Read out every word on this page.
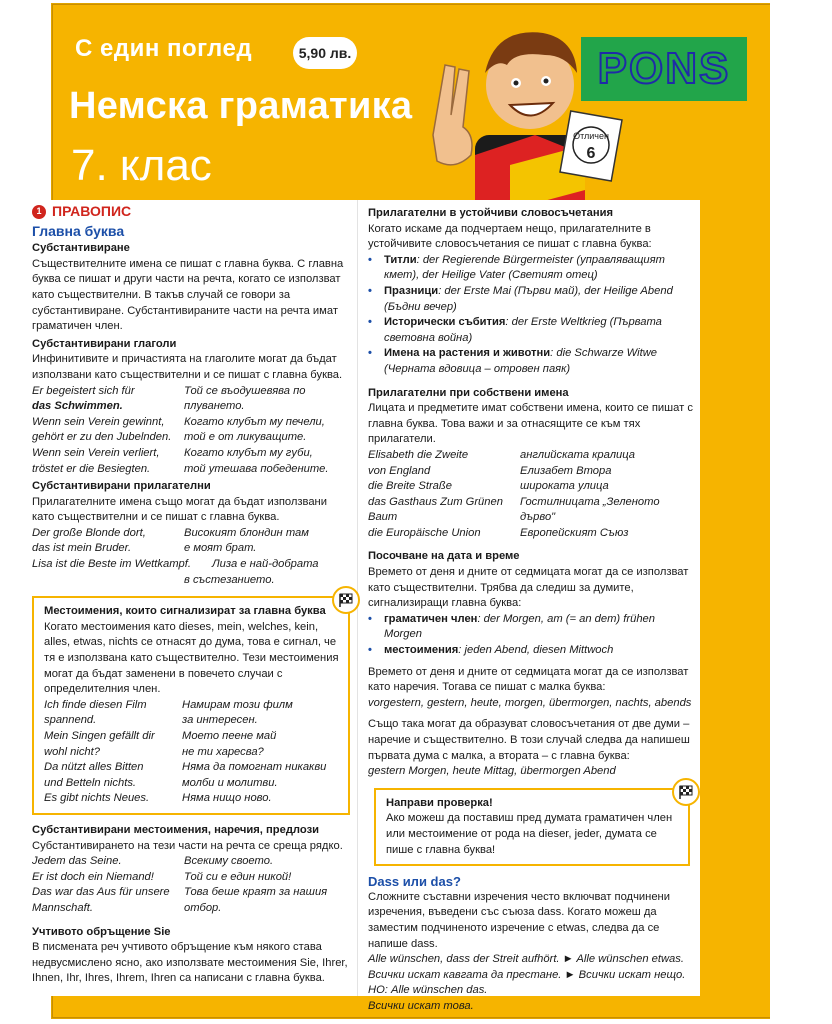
С един поглед	5,90 лв.
Немска граматика
7. клас
PONS
Отличен
6
1 ПРАВОПИС
Главна буква
Субстантивиране
Съществителните имена се пишат с главна буква. С главна буква се пишат и други части на речта, когато се използват като съществителни. В такъв случай се говори за субстантивиране. Субстантивираните части на речта имат граматичен член.
Субстантивирани глаголи
Инфинитивите и причастията на глаголите могат да бъдат използвани като съществителни и се пишат с главна буква.
Er begeistert sich für	Той се въодушевява по
das Schwimmen.	плуването.
Wenn sein Verein gewinnt,	Когато клубът му печели,
gehört er zu den Jubelnden.	той е от ликуващите.
Wenn sein Verein verliert,	Когато клубът му губи,
tröstet er die Besiegten.	той утешава победените.
Субстантивирани прилагателни
Прилагателните имена също могат да бъдат използвани като съществителни и се пишат с главна буква.
Der große Blonde dort,	Високият блондин там
das ist mein Bruder.	е моят брат.
Lisa ist die Beste im Wettkampf.	Лиза е най-добрата
в състезанието.
Местоимения, които сигнализират за главна буква
Когато местоимения като dieses, mein, welches, kein, alles, etwas, nichts се отнасят до дума, това е сигнал, че тя е използвана като съществително. Тези местоимения могат да бъдат заменени в повечето случаи с определителния член.
Ich finde diesen Film	Намирам този филм
spannend.	за интересен.
Mein Singen gefällt dir	Моето пеене май
wohl nicht?	не ти харесва?
Da nützt alles Bitten	Няма да помогнат никакви
und Betteln nichts.	молби и молитви.
Es gibt nichts Neues.	Няма нищо ново.
Субстантивирани местоимения, наречия, предлози
Субстантивирането на тези части на речта се среща рядко.
Jedem das Seine.	Всекиму своето.
Er ist doch ein Niemand!	Той си е един никой!
Das war das Aus für unsere	Това беше краят за нашия
Mannschaft.	отбор.
Учтивото обръщение Sie
В писмената реч учтивото обръщение към някого става недвусмислено ясно, ако използвате местоимения Sie, Ihrer, Ihnen, Ihr, Ihres, Ihrem, Ihren са написани с главна буква.
Прилагателни в устойчиви словосъчетания
Когато искаме да подчертаем нещо, прилагателните в устойчивите словосъчетания се пишат с главна буква:
•	Титли: der Regierende Bürgermeister (управляващият кмет), der Heilige Vater (Светият отец)
•	Празници: der Erste Mai (Първи май), der Heilige Abend (Бъдни вечер)
•	Исторически събития: der Erste Weltkrieg (Първата световна война)
•	Имена на растения и животни: die Schwarze Witwe (Черната вдовица – отровен паяк)
Прилагателни при собствени имена
Лицата и предметите имат собствени имена, които се пишат с главна буква. Това важи и за отнасящите се към тях прилагатели.
Elisabeth die Zweite	английската кралица
von England	Елизабет Втора
die Breite Straße	широката улица
das Gasthaus Zum Grünen	Гостилницата „Зеленото
Baum	дърво"
die Europäische Union	Европейският Съюз
Посочване на дата и време
Времето от деня и дните от седмицата могат да се използват като съществителни. Трябва да следиш за думите, сигнализиращи главна буква:
•	граматичен член: der Morgen, am (= an dem) frühen Morgen
•	местоимения: jeden Abend, diesen Mittwoch
Времето от деня и дните от седмицата могат да се използват като наречия. Тогава се пишат с малка буква:
vorgestern, gestern, heute, morgen, übermorgen, nachts, abends
Също така могат да образуват словосъчетания от две думи – наречие и съществително. В този случай следва да напишеш първата дума с малка, а втората – с главна буква:
gestern Morgen, heute Mittag, übermorgen Abend
Направи проверка!
Ако можеш да поставиш пред думата граматичен член или местоимение от рода на dieser, jeder, думата се пише с главна буква!
Dass или das?
Сложните съставни изречения често включват подчинени изречения, въведени със съюза dass. Когато можеш да заместим подчиненото изречение с etwas, следва да се напише dass.
Alle wünschen, dass der Streit aufhört. ► Alle wünschen etwas.
Всички искат кавгата да престане. ► Всички искат нещо.
НО: Alle wünschen das.
Всички искат това.
